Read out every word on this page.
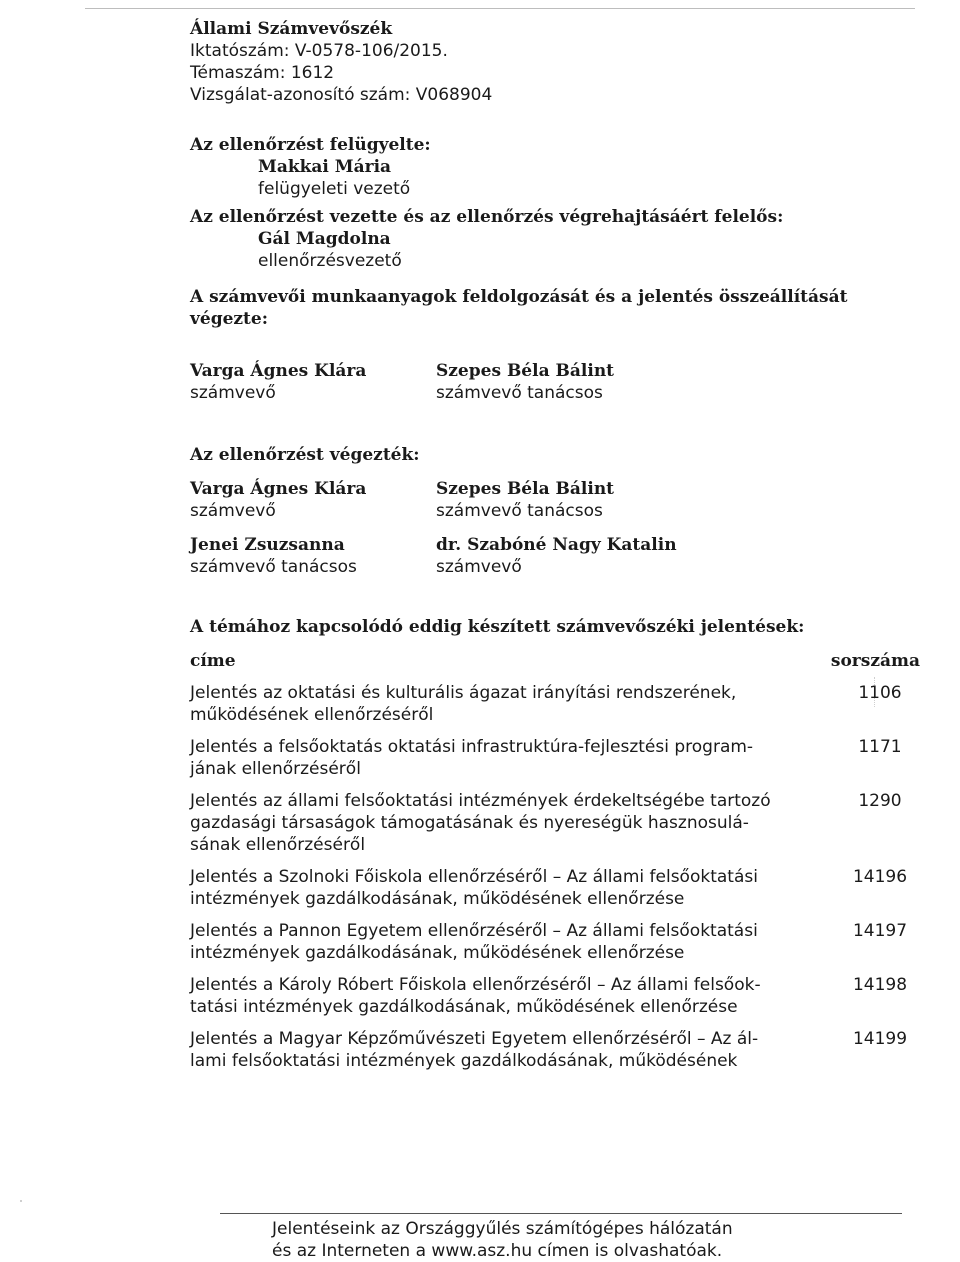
Állami Számvevőszék

Iktatószám: V-0578-106/2015.

Témaszám: 1612

Vizsgálat-azonosító szám: V068904

Az ellenőrzést felügyelte:

Makkai Mária

felügyeleti vezető

Az ellenőrzést vezette és az ellenőrzés végrehajtásáért felelős:

Gál Magdolna

ellenőrzésvezető

A számvevői munkaanyagok feldolgozását és a jelentés összeállítását

végezte:

Varga Ágnes Klára

számvevő

Szepes Béla Bálint

számvevő tanácsos

Az ellenőrzést végezték:

Varga Ágnes Klára

számvevő

Szepes Béla Bálint

számvevő tanácsos

Jenei Zsuzsanna

számvevő tanácsos

dr. Szabóné Nagy Katalin

számvevő

A témához kapcsolódó eddig készített számvevőszéki jelentések:

címe	sorszáma
Jelentés az oktatási és kulturális ágazat irányítási rendszerének,
működésének ellenőrzéséről
1106
Jelentés a felsőoktatás oktatási infrastruktúra-fejlesztési program-
jának ellenőrzéséről
1171
Jelentés az állami felsőoktatási intézmények érdekeltségébe tartozó
gazdasági társaságok támogatásának és nyereségük hasznosulá-
sának ellenőrzéséről
1290
Jelentés a Szolnoki Főiskola ellenőrzéséről – Az állami felsőoktatási
intézmények gazdálkodásának, működésének ellenőrzése
14196
Jelentés a Pannon Egyetem ellenőrzéséről – Az állami felsőoktatási
intézmények gazdálkodásának, működésének ellenőrzése
14197
Jelentés a Károly Róbert Főiskola ellenőrzéséről – Az állami felsőok-
tatási intézmények gazdálkodásának, működésének ellenőrzése
14198
Jelentés a Magyar Képzőművészeti Egyetem ellenőrzéséről – Az ál-
lami felsőoktatási intézmények gazdálkodásának, működésének
14199

Jelentéseink az Országgyűlés számítógépes hálózatán

és az Interneten a www.asz.hu címen is olvashatóak.
